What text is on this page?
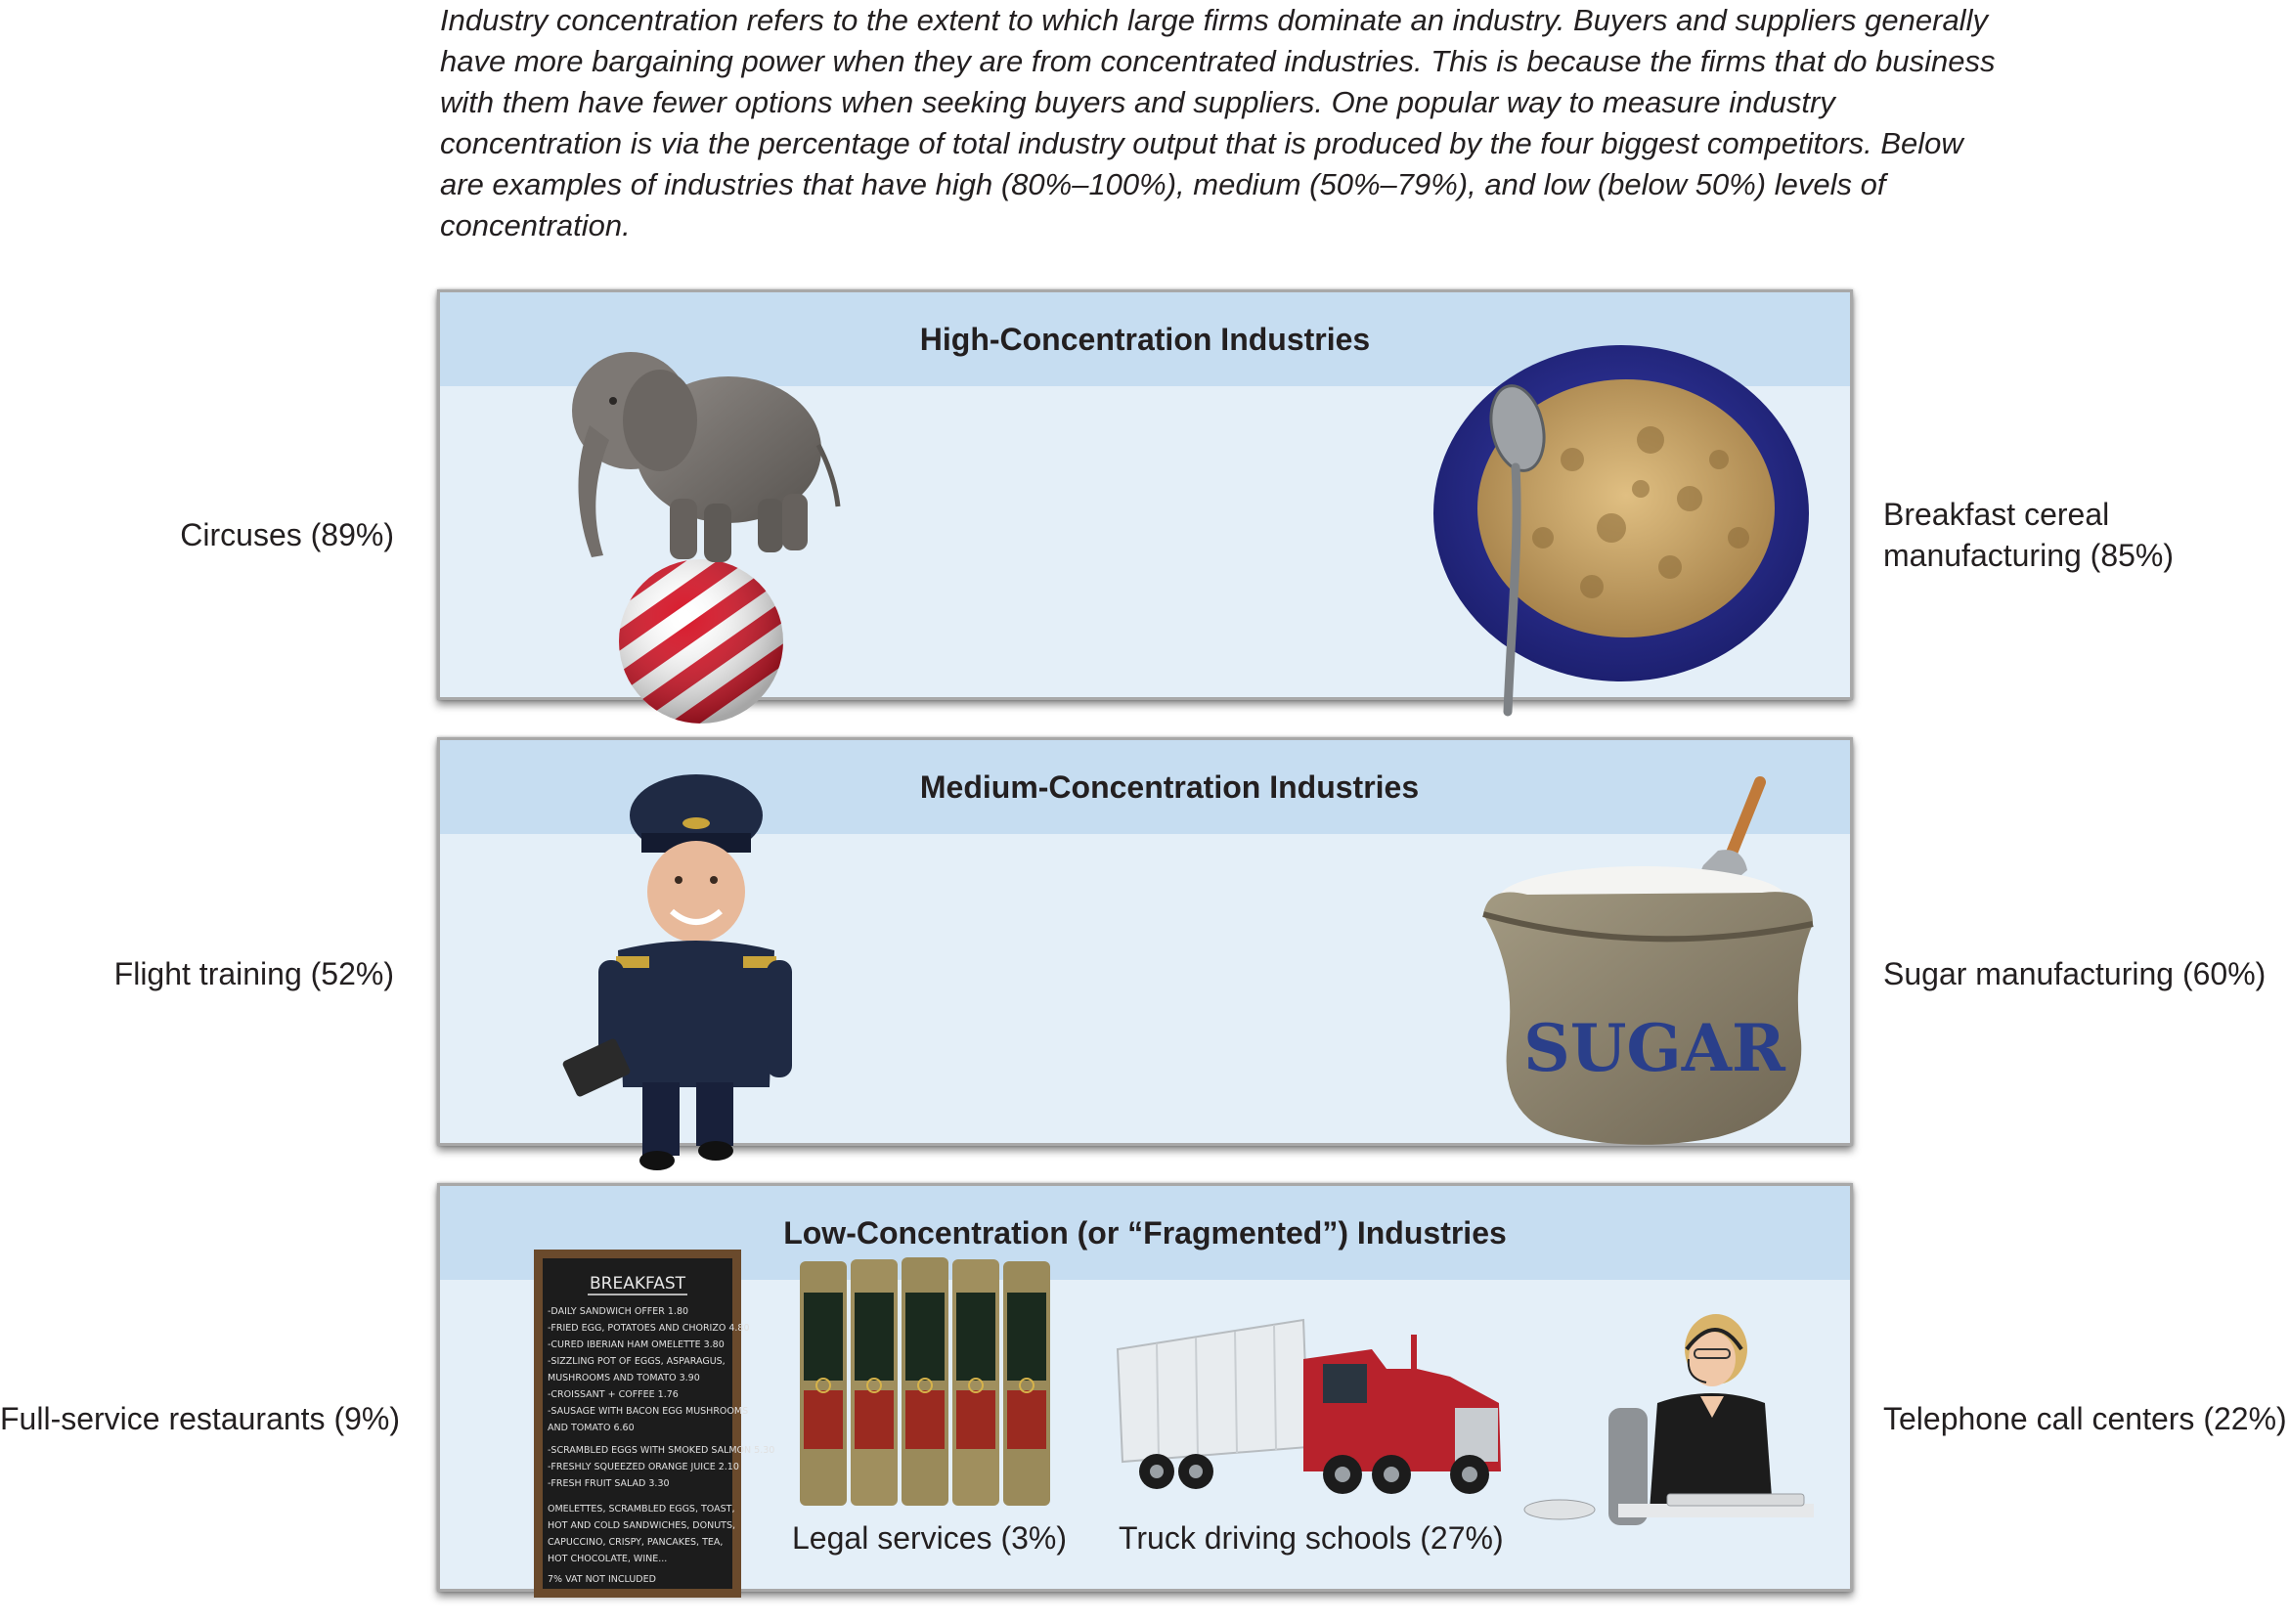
Industry concentration refers to the extent to which large firms dominate an industry. Buyers and suppliers generally have more bargaining power when they are from concentrated industries. This is because the firms that do business with them have fewer options when seeking buyers and suppliers. One popular way to measure industry concentration is via the percentage of total industry output that is produced by the four biggest competitors. Below are examples of industries that have high (80%–100%), medium (50%–79%), and low (below 50%) levels of concentration.
High-Concentration Industries
Circuses (89%)
Breakfast cereal manufacturing (85%)
Medium-Concentration Industries
Flight training (52%)	Sugar manufacturing (60%)
SUGAR
Low-Concentration (or “Fragmented”) Industries
Full-service restaurants (9%)
Legal services (3%) Truck driving schools (27%)
Telephone call centers (22%)
BREAKFAST
-DAILY SANDWICH OFFER 1.80
-FRIED EGG, POTATOES AND CHORIZO 4.80
-CURED IBERIAN HAM OMELETTE 3.80
-SIZZLING POT OF EGGS, ASPARAGUS,
MUSHROOMS AND TOMATO 3.90
-CROISSANT + COFFEE 1.76
-SAUSAGE WITH BACON EGG MUSHROOMS
AND TOMATO 6.60
-SCRAMBLED EGGS WITH SMOKED SALMON 5.30
-FRESHLY SQUEEZED ORANGE JUICE 2.10
-FRESH FRUIT SALAD 3.30
OMELETTES, SCRAMBLED EGGS, TOAST,
HOT AND COLD SANDWICHES, DONUTS,
CAPUCCINO, CRISPY, PANCAKES, TEA,
HOT CHOCOLATE, WINE...
7% VAT NOT INCLUDED
